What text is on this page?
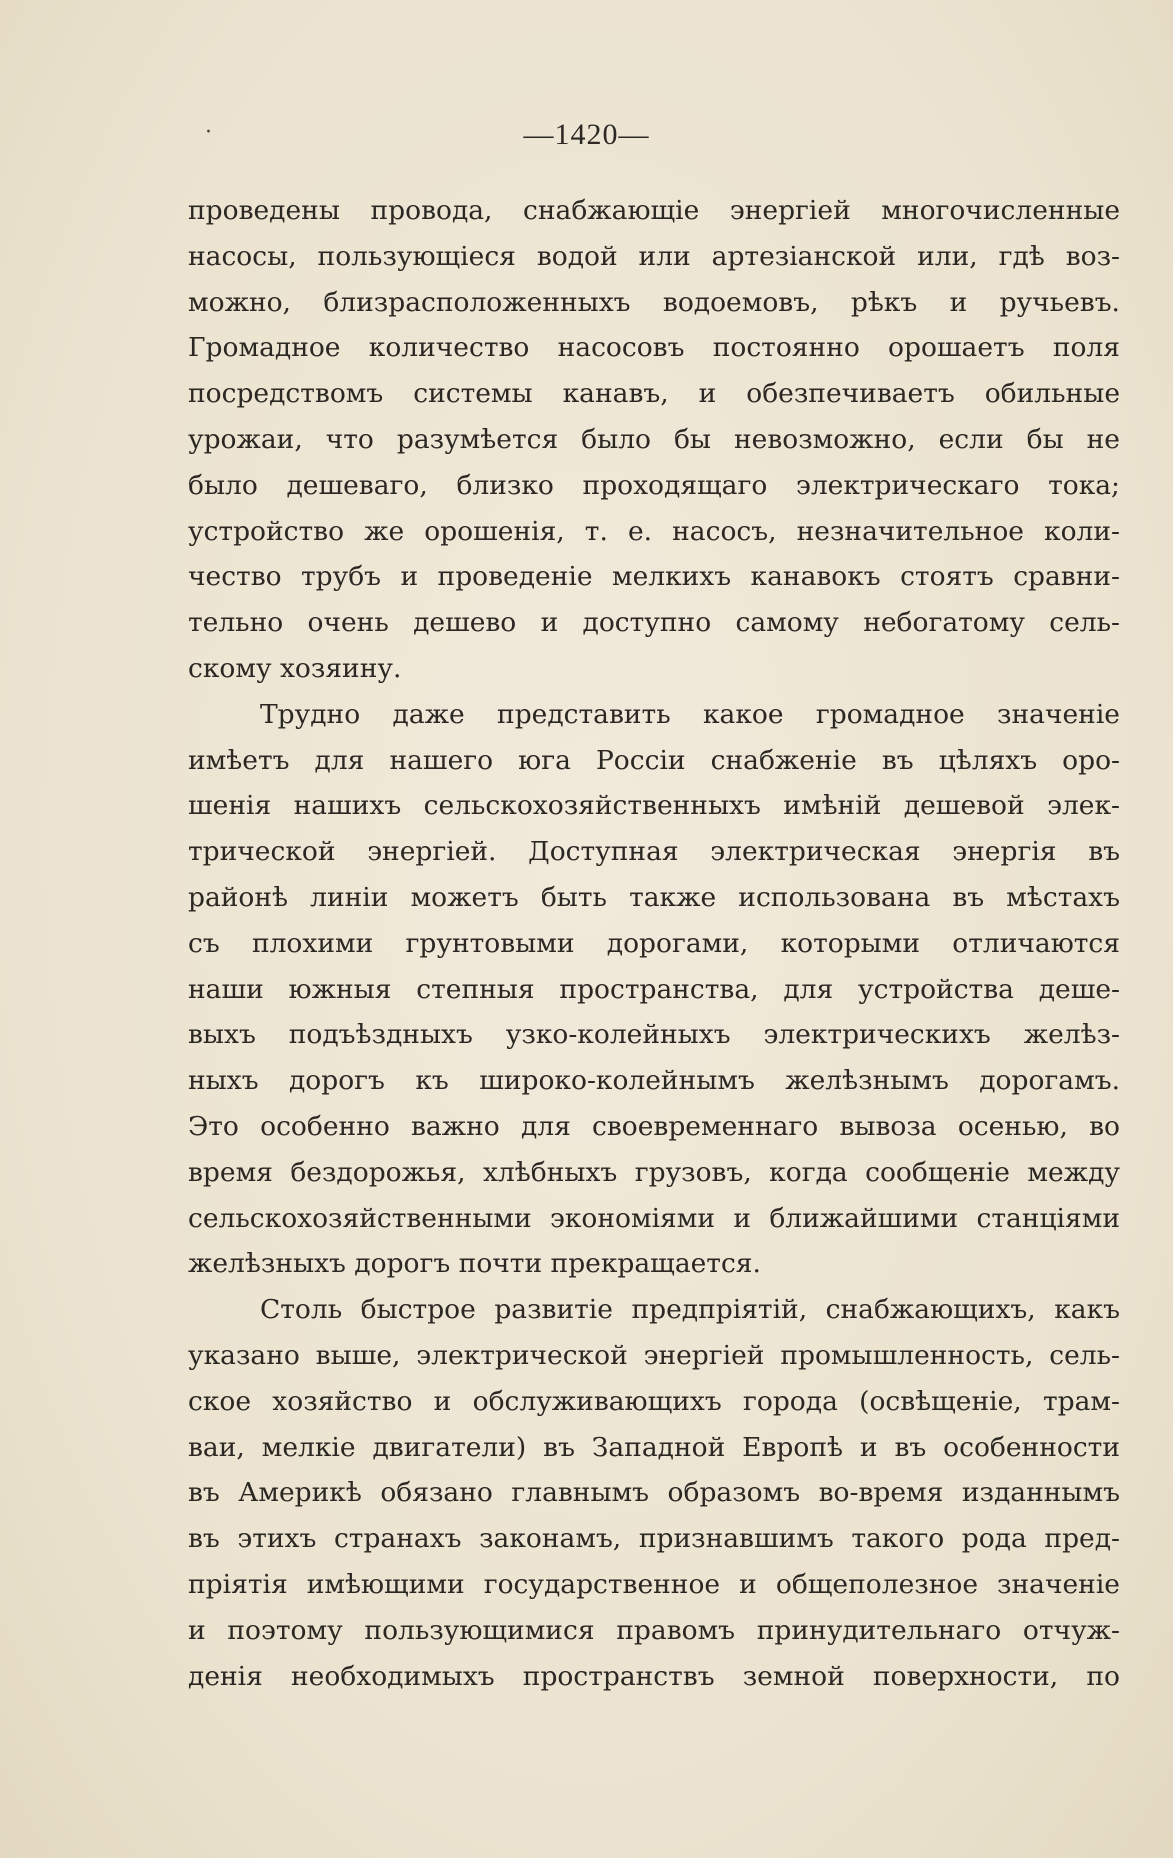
·	—1420—
проведены провода, снабжающіе энергіей многочисленные
насосы, пользующіеся водой или артезіанской или, гдѣ воз-
можно, близрасположенныхъ водоемовъ, рѣкъ и ручьевъ.
Громадное количество насосовъ постоянно орошаетъ поля
посредствомъ системы канавъ, и обезпечиваетъ обильные
урожаи, что разумѣется было бы невозможно, если бы не
было дешеваго, близко проходящаго электрическаго тока;
устройство же орошенія, т. е. насосъ, незначительное коли-
чество трубъ и проведеніе мелкихъ канавокъ стоятъ сравни-
тельно очень дешево и доступно самому небогатому сель-
скому хозяину.
Трудно даже представить какое громадное значеніе
имѣетъ для нашего юга Россіи снабженіе въ цѣляхъ оро-
шенія нашихъ сельскохозяйственныхъ имѣній дешевой элек-
трической энергіей. Доступная электрическая энергія въ
районѣ линіи можетъ быть также использована въ мѣстахъ
съ плохими грунтовыми дорогами, которыми отличаются
наши южныя степныя пространства, для устройства деше-
выхъ подъѣздныхъ узко-колейныхъ электрическихъ желѣз-
ныхъ дорогъ къ широко-колейнымъ желѣзнымъ дорогамъ.
Это особенно важно для своевременнаго вывоза осенью, во
время бездорожья, хлѣбныхъ грузовъ, когда сообщеніе между
сельскохозяйственными экономіями и ближайшими станціями
желѣзныхъ дорогъ почти прекращается.
Столь быстрое развитіе предпріятій, снабжающихъ, какъ
указано выше, электрической энергіей промышленность, сель-
ское хозяйство и обслуживающихъ города (освѣщеніе, трам-
ваи, мелкіе двигатели) въ Западной Европѣ и въ особенности
въ Америкѣ обязано главнымъ образомъ во-время изданнымъ
въ этихъ странахъ законамъ, признавшимъ такого рода пред-
пріятія имѣющими государственное и общеполезное значеніе
и поэтому пользующимися правомъ принудительнаго отчуж-
денія необходимыхъ пространствъ земной поверхности, по
